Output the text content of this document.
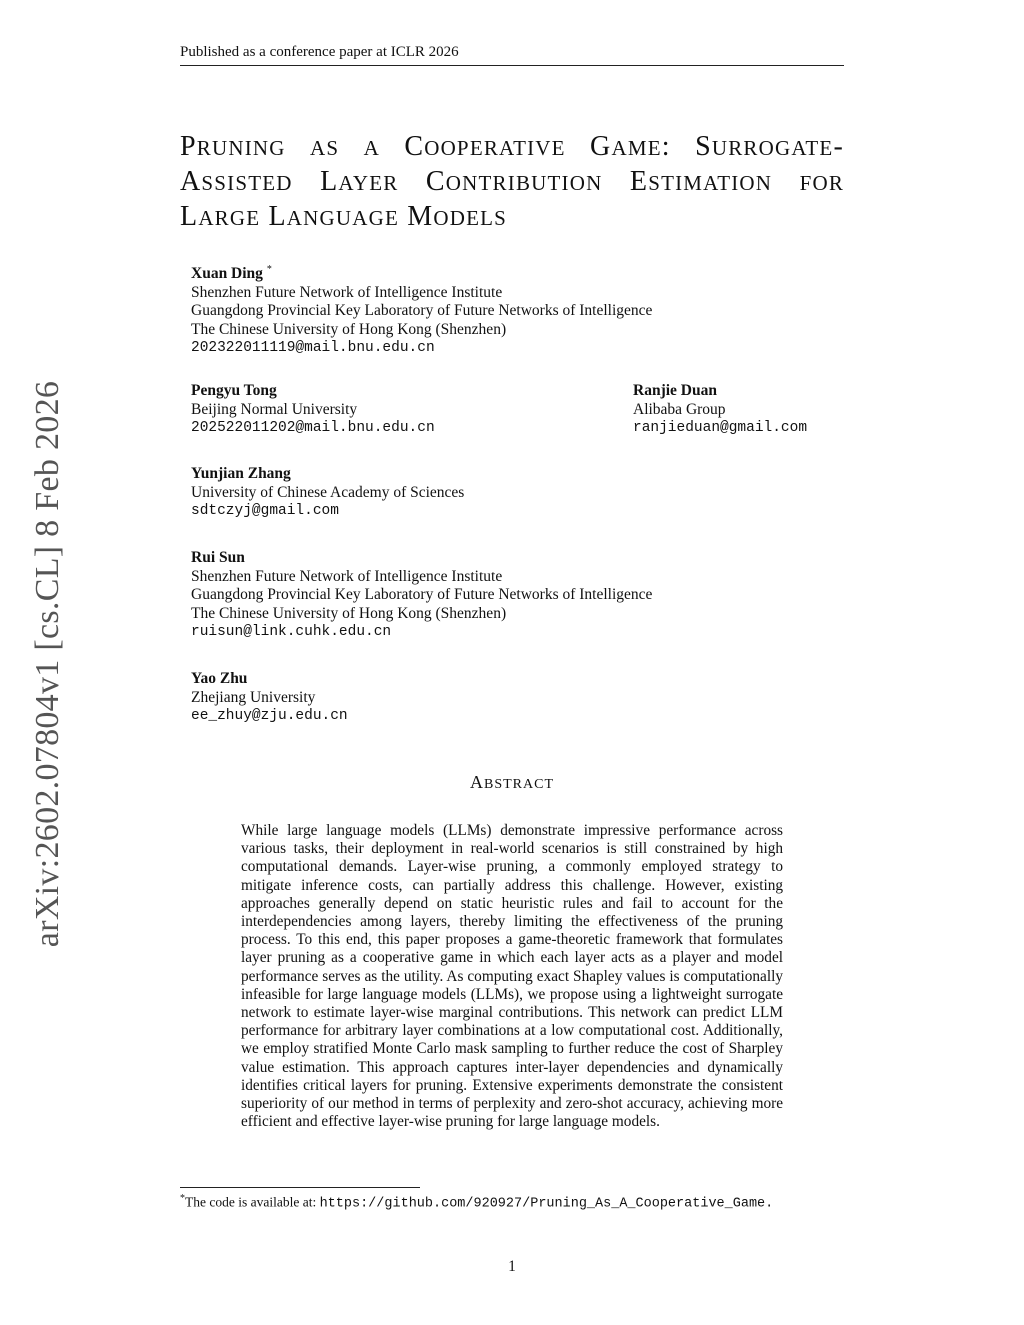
Published as a conference paper at ICLR 2026
arXiv:2602.07804v1 [cs.CL] 8 Feb 2026
PRUNING AS A COOPERATIVE GAME: SURROGATE-ASSISTED LAYER CONTRIBUTION ESTIMATION FOR LARGE LANGUAGE MODELS
Xuan Ding *
Shenzhen Future Network of Intelligence Institute
Guangdong Provincial Key Laboratory of Future Networks of Intelligence
The Chinese University of Hong Kong (Shenzhen)
202322011119@mail.bnu.edu.cn
Pengyu Tong
Beijing Normal University
202522011202@mail.bnu.edu.cn
Ranjie Duan
Alibaba Group
ranjieduan@gmail.com
Yunjian Zhang
University of Chinese Academy of Sciences
sdtczyj@gmail.com
Rui Sun
Shenzhen Future Network of Intelligence Institute
Guangdong Provincial Key Laboratory of Future Networks of Intelligence
The Chinese University of Hong Kong (Shenzhen)
ruisun@link.cuhk.edu.cn
Yao Zhu
Zhejiang University
ee_zhuy@zju.edu.cn
ABSTRACT

While large language models (LLMs) demonstrate impressive performance across various tasks, their deployment in real-world scenarios is still constrained by high computational demands. Layer-wise pruning, a commonly employed strategy to mitigate inference costs, can partially address this challenge. However, existing approaches generally depend on static heuristic rules and fail to account for the interdependencies among layers, thereby limiting the effectiveness of the pruning process. To this end, this paper proposes a game-theoretic framework that formulates layer pruning as a cooperative game in which each layer acts as a player and model performance serves as the utility. As computing exact Shapley values is computationally infeasible for large language models (LLMs), we propose using a lightweight surrogate network to estimate layer-wise marginal contributions. This network can predict LLM performance for arbitrary layer combinations at a low computational cost. Additionally, we employ stratified Monte Carlo mask sampling to further reduce the cost of Sharpley value estimation. This approach captures inter-layer dependencies and dynamically identifies critical layers for pruning. Extensive experiments demonstrate the consistent superiority of our method in terms of perplexity and zero-shot accuracy, achieving more efficient and effective layer-wise pruning for large language models.

*The code is available at: https://github.com/920927/Pruning_As_A_Cooperative_Game.
1
